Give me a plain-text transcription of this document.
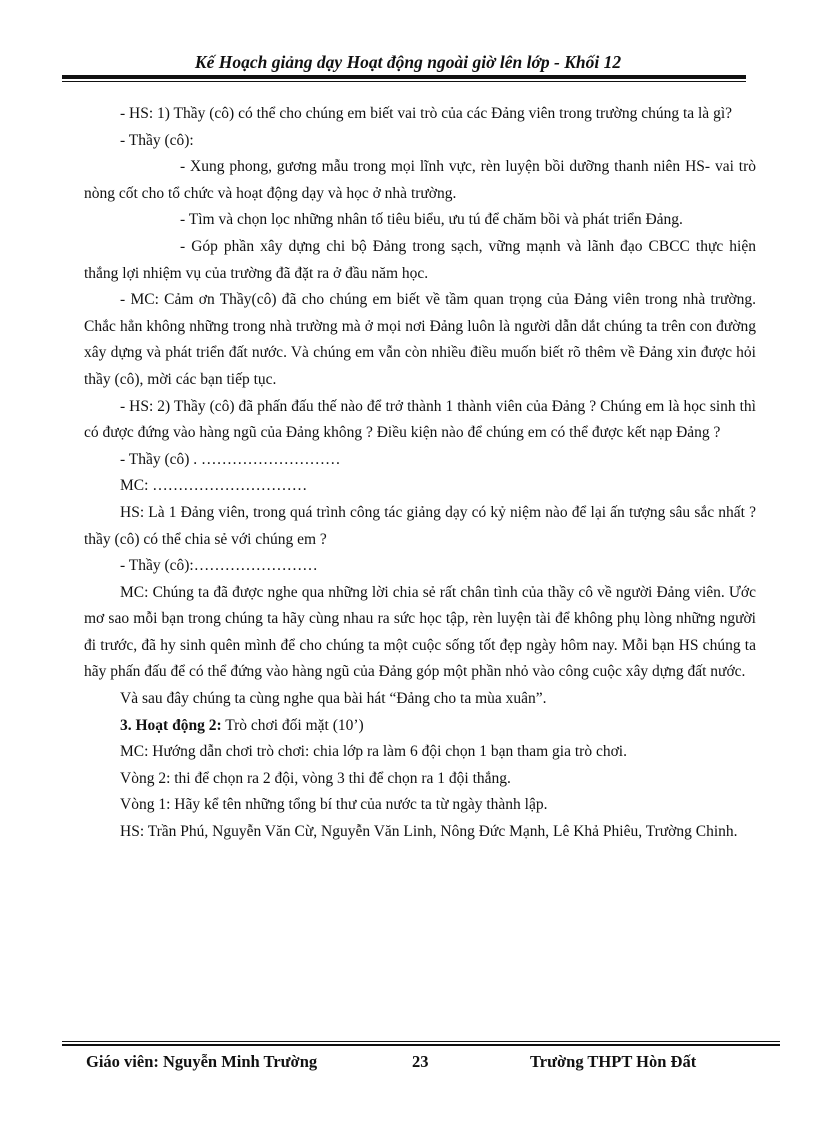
Kế Hoạch giảng dạy Hoạt động ngoài giờ lên lớp - Khối 12

- HS: 1) Thầy (cô) có thể cho chúng em biết vai trò của các Đảng viên trong trường chúng ta là gì?

- Thầy (cô):

- Xung phong, gương mẫu trong mọi lĩnh vực, rèn luyện bồi dưỡng thanh niên HS- vai trò nòng cốt cho tổ chức và hoạt động dạy và học ở nhà trường.

- Tìm và chọn lọc những nhân tố tiêu biểu, ưu tú để chăm bồi và phát triển Đảng.

- Góp phần xây dựng chi bộ Đảng trong sạch, vững mạnh và lãnh đạo CBCC thực hiện thắng lợi nhiệm vụ của trường đã đặt ra ở đầu năm học.

- MC: Cảm ơn Thầy(cô) đã cho chúng em biết về tầm quan trọng của Đảng viên trong nhà trường. Chắc hẳn không những trong nhà trường mà ở mọi nơi Đảng luôn là người dẫn dắt chúng ta trên con đường xây dựng và phát triển đất nước. Và chúng em vẫn còn nhiều điều muốn biết rõ thêm về Đảng xin được hỏi thầy (cô), mời các bạn tiếp tục.

- HS: 2) Thầy (cô) đã phấn đấu thế nào để trở thành 1 thành viên của Đảng ? Chúng em là học sinh thì có được đứng vào hàng ngũ của Đảng không ? Điều kiện nào để chúng em có thể được kết nạp Đảng ?

- Thầy (cô) . ………………………

MC: …………………………

HS: Là 1 Đảng viên, trong quá trình công tác giảng dạy có kỷ niệm nào để lại ấn tượng sâu sắc nhất ? thầy (cô) có thể chia sẻ với chúng em ?

- Thầy (cô):……………………

MC: Chúng ta đã được nghe qua những lời chia sẻ rất chân tình của thầy cô về người Đảng viên. Ước mơ sao mỗi bạn trong chúng ta hãy cùng nhau ra sức học tập, rèn luyện tài để không phụ lòng những người đi trước, đã hy sinh quên mình để cho chúng ta một cuộc sống tốt đẹp ngày hôm nay. Mỗi bạn HS chúng ta hãy phấn đấu để có thể đứng vào hàng ngũ của Đảng góp một phần nhỏ vào công cuộc xây dựng đất nước.

Và sau đây chúng ta cùng nghe qua bài hát “Đảng cho ta mùa xuân”.

3. Hoạt động 2: Trò chơi đối mặt (10’)

MC: Hướng dẫn chơi trò chơi: chia lớp ra làm 6 đội chọn 1 bạn tham gia trò chơi.

Vòng 2: thi để chọn ra 2 đội, vòng 3 thi để chọn ra 1 đội thắng.

Vòng 1: Hãy kể tên những tổng bí thư của nước ta từ ngày thành lập.

HS: Trần Phú, Nguyễn Văn Cừ, Nguyễn Văn Linh, Nông Đức Mạnh, Lê Khả Phiêu, Trường Chinh.

Giáo viên: Nguyễn Minh Trường	23	Trường THPT Hòn Đất
